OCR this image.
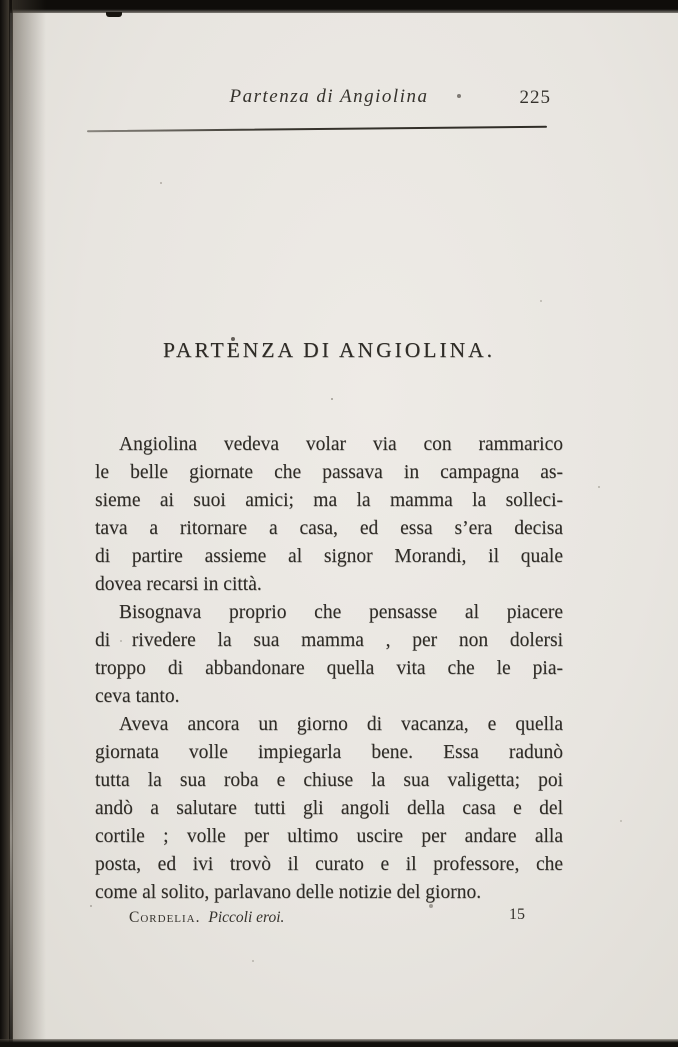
Partenza di Angiolina	225
PARTENZA DI ANGIOLINA.

Angiolina vedeva volar via con rammarico
le belle giornate che passava in campagna as-
sieme ai suoi amici; ma la mamma la solleci-
tava a ritornare a casa, ed essa s’era decisa
di partire assieme al signor Morandi, il quale
dovea recarsi in città.

Bisognava proprio che pensasse al piacere
di rivedere la sua mamma , per non dolersi
troppo di abbandonare quella vita che le pia-
ceva tanto.

Aveva ancora un giorno di vacanza, e quella
giornata volle impiegarla bene. Essa radunò
tutta la sua roba e chiuse la sua valigetta; poi
andò a salutare tutti gli angoli della casa e del
cortile ; volle per ultimo uscire per andare alla
posta, ed ivi trovò il curato e il professore, che
come al solito, parlavano delle notizie del giorno.

Cordelia. Piccoli eroi.	15
